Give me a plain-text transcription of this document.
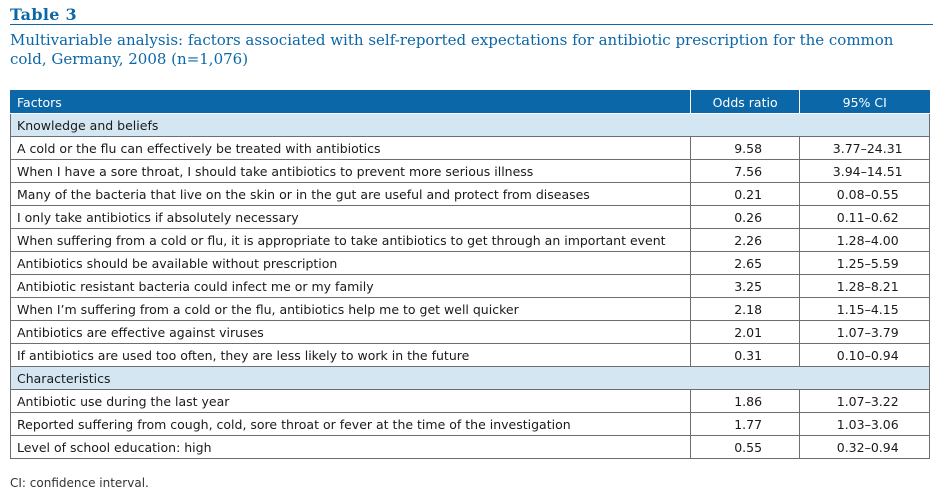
Table 3
Multivariable analysis: factors associated with self-reported expectations for antibiotic prescription for the common cold, Germany, 2008 (n=1,076)
Factors	Odds ratio	95% CI
Knowledge and beliefs		
A cold or the flu can effectively be treated with antibiotics	9.58	3.77–24.31
When I have a sore throat, I should take antibiotics to prevent more serious illness	7.56	3.94–14.51
Many of the bacteria that live on the skin or in the gut are useful and protect from diseases	0.21	0.08–0.55
I only take antibiotics if absolutely necessary	0.26	0.11–0.62
When suffering from a cold or flu, it is appropriate to take antibiotics to get through an important event	2.26	1.28–4.00
Antibiotics should be available without prescription	2.65	1.25–5.59
Antibiotic resistant bacteria could infect me or my family	3.25	1.28–8.21
When I’m suffering from a cold or the flu, antibiotics help me to get well quicker	2.18	1.15–4.15
Antibiotics are effective against viruses	2.01	1.07–3.79
If antibiotics are used too often, they are less likely to work in the future	0.31	0.10–0.94
Characteristics		
Antibiotic use during the last year	1.86	1.07–3.22
Reported suffering from cough, cold, sore throat or fever at the time of the investigation	1.77	1.03–3.06
Level of school education: high	0.55	0.32–0.94
CI: confidence interval.
